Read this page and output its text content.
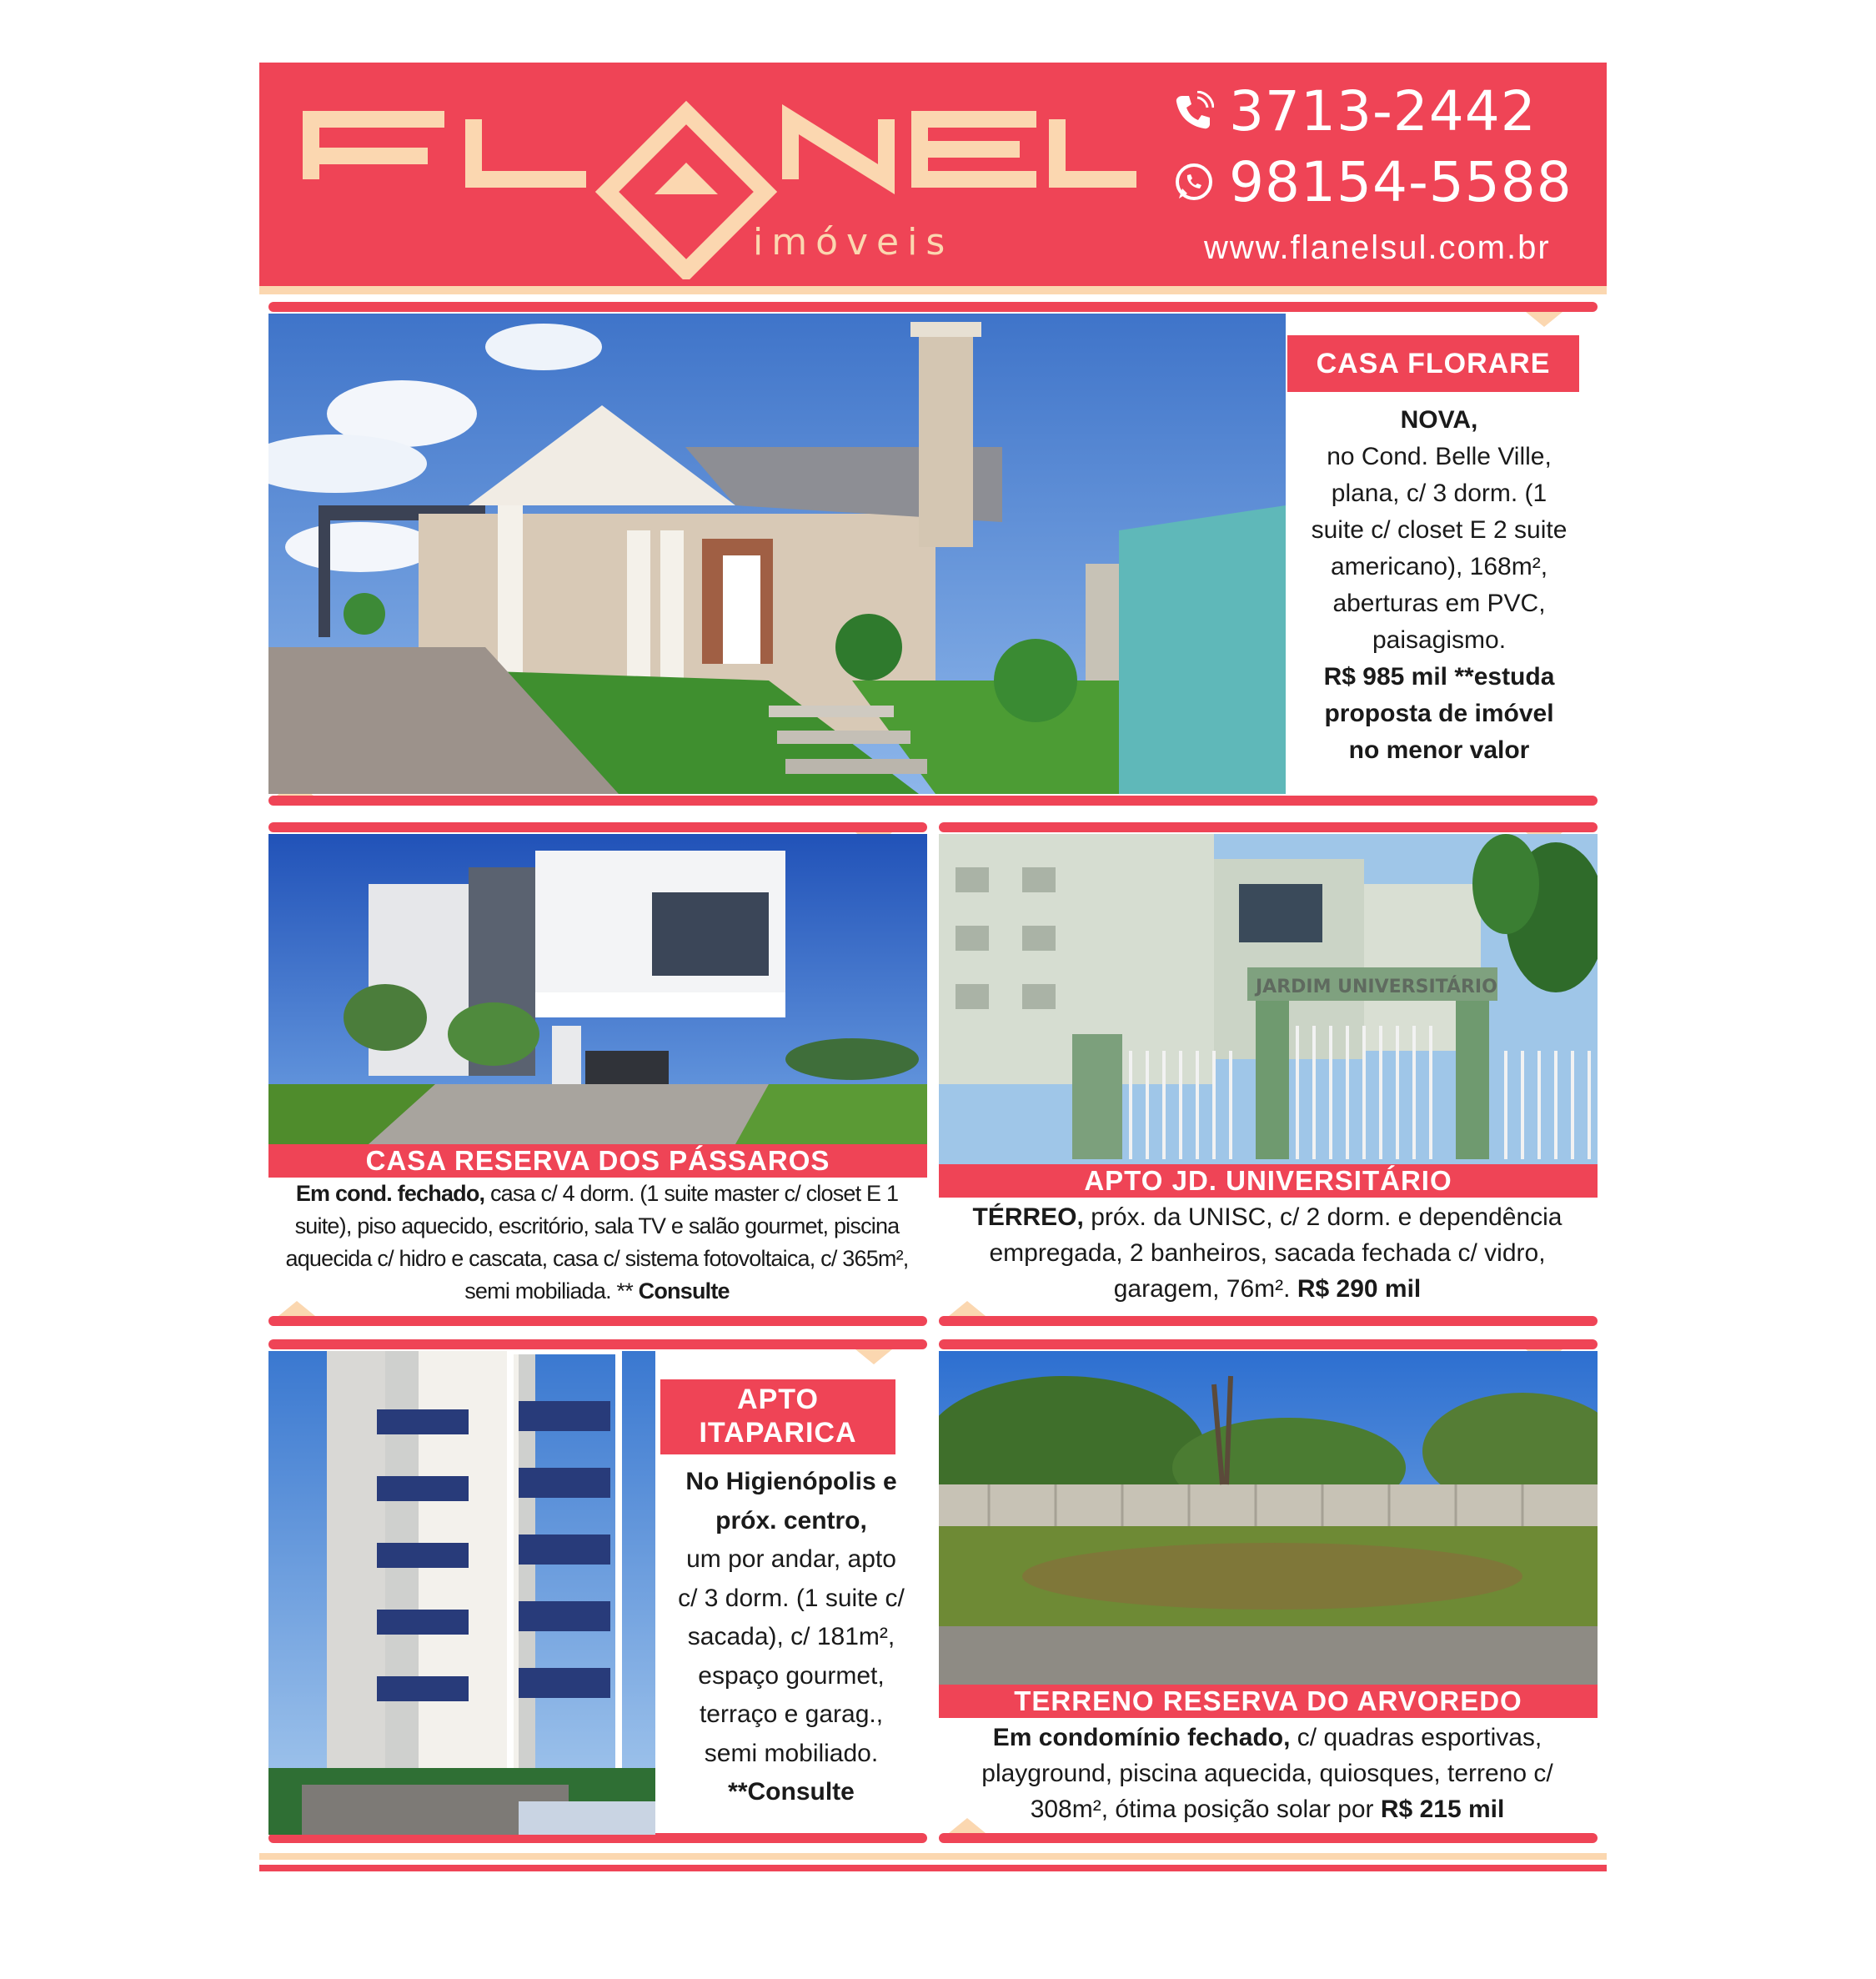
imóveis
3713-2442
98154-5588
www.flanelsul.com.br
CASA FLORARE
NOVA,
no Cond. Belle Ville,
plana, c/ 3 dorm. (1
suite c/ closet E 2 suite
americano), 168m²,
aberturas em PVC,
paisagismo.
R$ 985 mil **estuda
proposta de imóvel
no menor valor
CASA RESERVA DOS PÁSSAROS
Em cond. fechado, casa c/ 4 dorm. (1 suite master c/ closet E 1 suite), piso aquecido, escritório, sala TV e salão gourmet, piscina aquecida c/ hidro e cascata, casa c/ sistema fotovoltaica, c/ 365m², semi mobiliada. ** Consulte
JARDIM UNIVERSITÁRIO
APTO JD. UNIVERSITÁRIO
TÉRREO, próx. da UNISC, c/ 2 dorm. e dependência empregada, 2 banheiros, sacada fechada c/ vidro, garagem, 76m². R$ 290 mil
APTO
ITAPARICA
No Higienópolis e
próx. centro,
um por andar, apto
c/ 3 dorm. (1 suite c/
sacada), c/ 181m²,
espaço gourmet,
terraço e garag.,
semi mobiliado.
**Consulte
TERRENO RESERVA DO ARVOREDO
Em condomínio fechado, c/ quadras esportivas, playground, piscina aquecida, quiosques, terreno c/ 308m², ótima posição solar por R$ 215 mil
